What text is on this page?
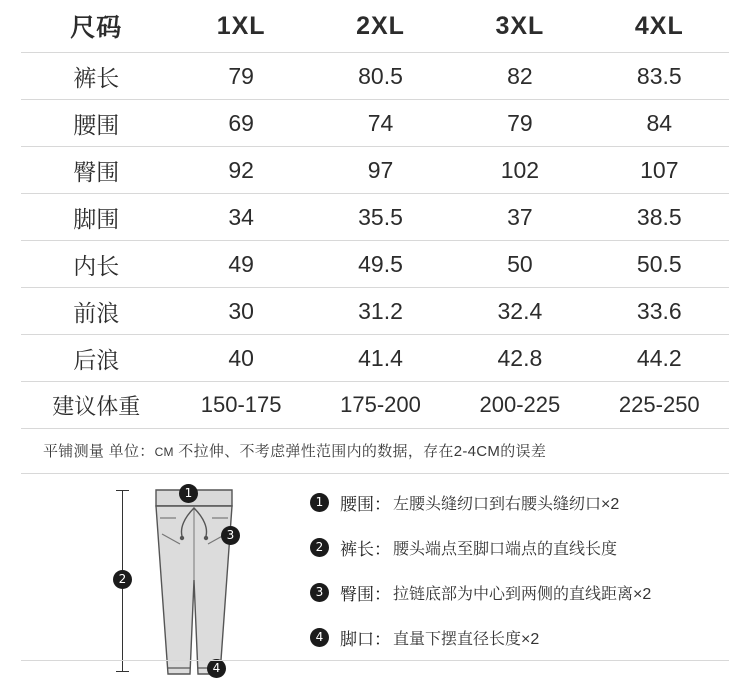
尺码	1XL	2XL	3XL	4XL
裤长	79	80.5	82	83.5
腰围	69	74	79	84
臀围	92	97	102	107
脚围	34	35.5	37	38.5
内长	49	49.5	50	50.5
前浪	30	31.2	32.4	33.6
后浪	40	41.4	42.8	44.2
建议体重	150-175	175-200	200-225	225-250
平铺测量 单位：CM 不拉伸、不考虑弹性范围内的数据，存在2-4CM的误差
1
2
3
4
1 腰围： 左腰头缝纫口到右腰头缝纫口×2
2 裤长： 腰头端点至脚口端点的直线长度
3 臀围： 拉链底部为中心到两侧的直线距离×2
4 脚口： 直量下摆直径长度×2
